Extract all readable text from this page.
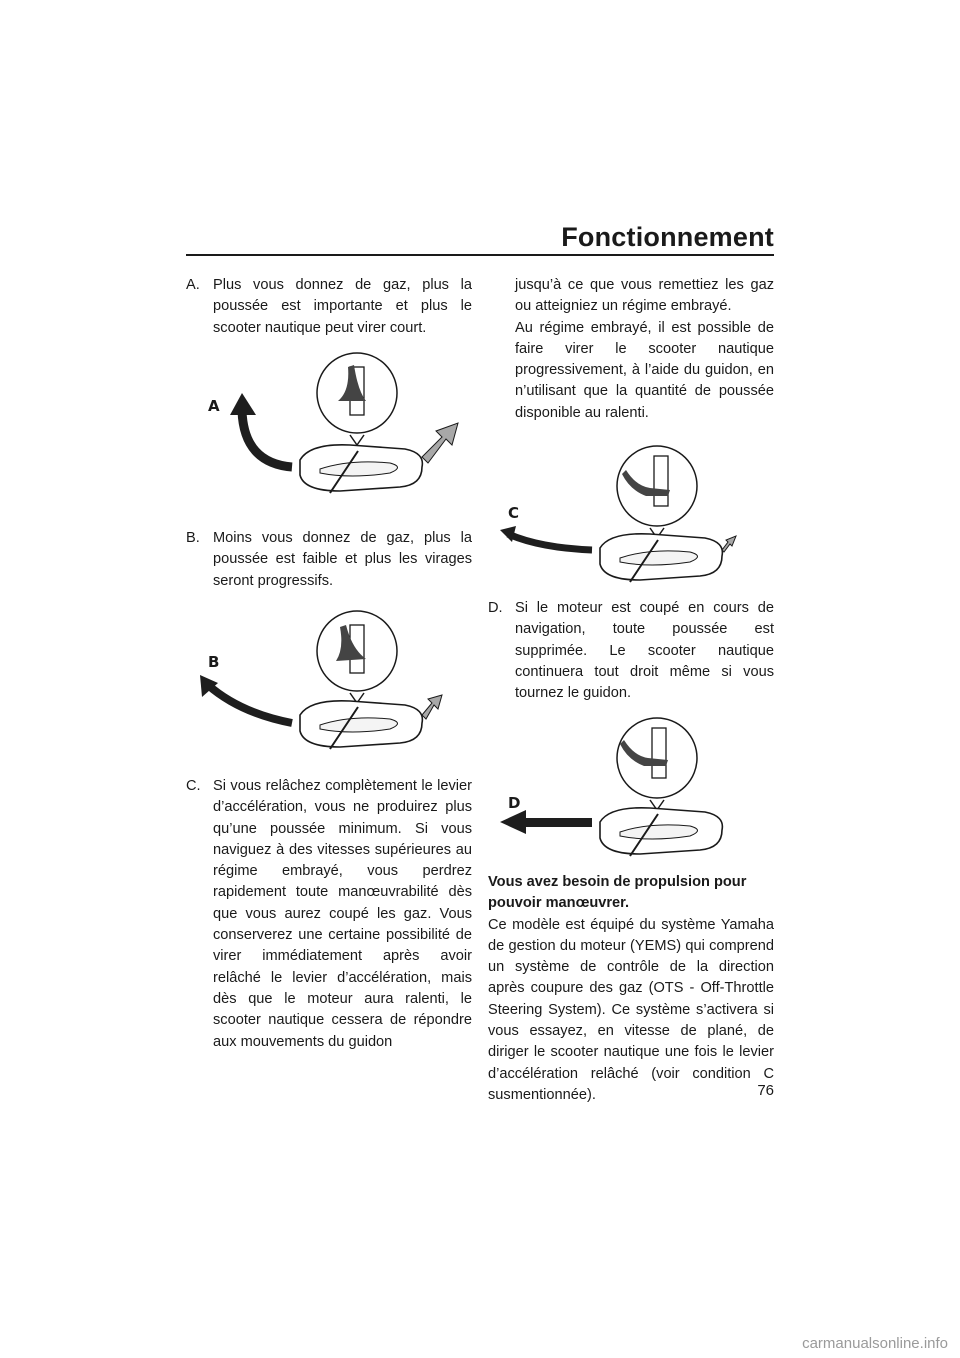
Fonctionnement
A. Plus vous donnez de gaz, plus la poussée est importante et plus le scooter nautique peut virer court.
A
B. Moins vous donnez de gaz, plus la poussée est faible et plus les virages seront progressifs.
B
C. Si vous relâchez complètement le levier d’accélération, vous ne produirez plus qu’une poussée minimum. Si vous naviguez à des vitesses supérieures au régime embrayé, vous perdrez rapidement toute manœuvrabilité dès que vous aurez coupé les gaz. Vous conserverez une certaine possibilité de virer immédiatement après avoir relâché le levier d’accélération, mais dès que le moteur aura ralenti, le scooter nautique cessera de répondre aux mouvements du guidon

jusqu’à ce que vous remettiez les gaz ou atteigniez un régime embrayé.

Au régime embrayé, il est possible de faire virer le scooter nautique progressivement, à l’aide du guidon, en n’utilisant que la quantité de poussée disponible au ralenti.

C
D. Si le moteur est coupé en cours de navigation, toute poussée est supprimée. Le scooter nautique continuera tout droit même si vous tournez le guidon.
D

Vous avez besoin de propulsion pour pouvoir manœuvrer.

Ce modèle est équipé du système Yamaha de gestion du moteur (YEMS) qui comprend un système de contrôle de la direction après coupure des gaz (OTS - Off-Throttle Steering System). Ce système s’activera si vous essayez, en vitesse de plané, de diriger le scooter nautique une fois le levier d’accélération relâché (voir condition C susmentionnée).	76
carmanualsonline.info
